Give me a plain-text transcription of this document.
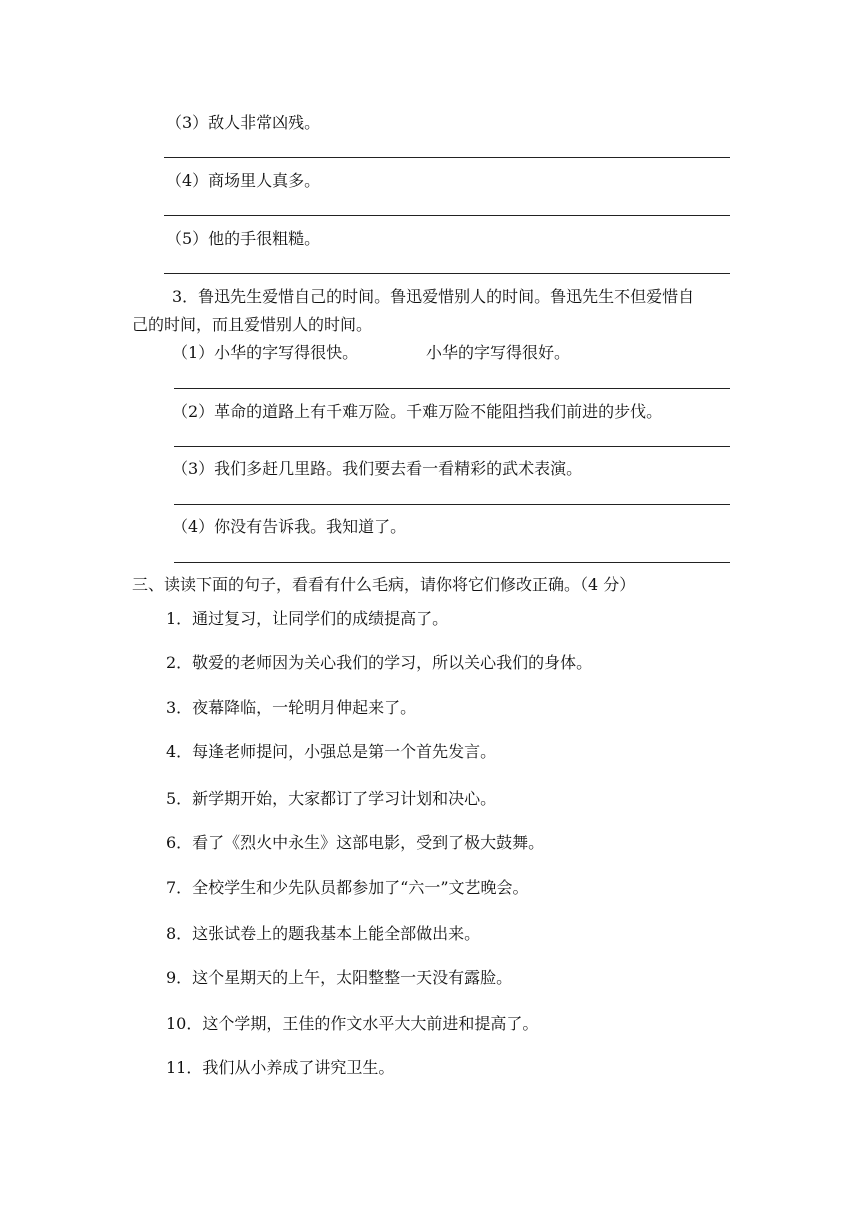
（3）敌人非常凶残。
（4）商场里人真多。
（5）他的手很粗糙。
3．鲁迅先生爱惜自己的时间。鲁迅爱惜别人的时间。鲁迅先生不但爱惜自
己的时间，而且爱惜别人的时间。
（1）小华的字写得很快。	小华的字写得很好。
（2）革命的道路上有千难万险。千难万险不能阻挡我们前进的步伐。
（3）我们多赶几里路。我们要去看一看精彩的武术表演。
（4）你没有告诉我。我知道了。
三、读读下面的句子，看看有什么毛病，请你将它们修改正确。（4 分）
1．通过复习，让同学们的成绩提高了。
2．敬爱的老师因为关心我们的学习，所以关心我们的身体。
3．夜幕降临，一轮明月伸起来了。
4．每逢老师提问，小强总是第一个首先发言。
5．新学期开始，大家都订了学习计划和决心。
6．看了《烈火中永生》这部电影，受到了极大鼓舞。
7．全校学生和少先队员都参加了“六一”文艺晚会。
8．这张试卷上的题我基本上能全部做出来。
9．这个星期天的上午，太阳整整一天没有露脸。
10．这个学期，王佳的作文水平大大前进和提高了。
11．我们从小养成了讲究卫生。
